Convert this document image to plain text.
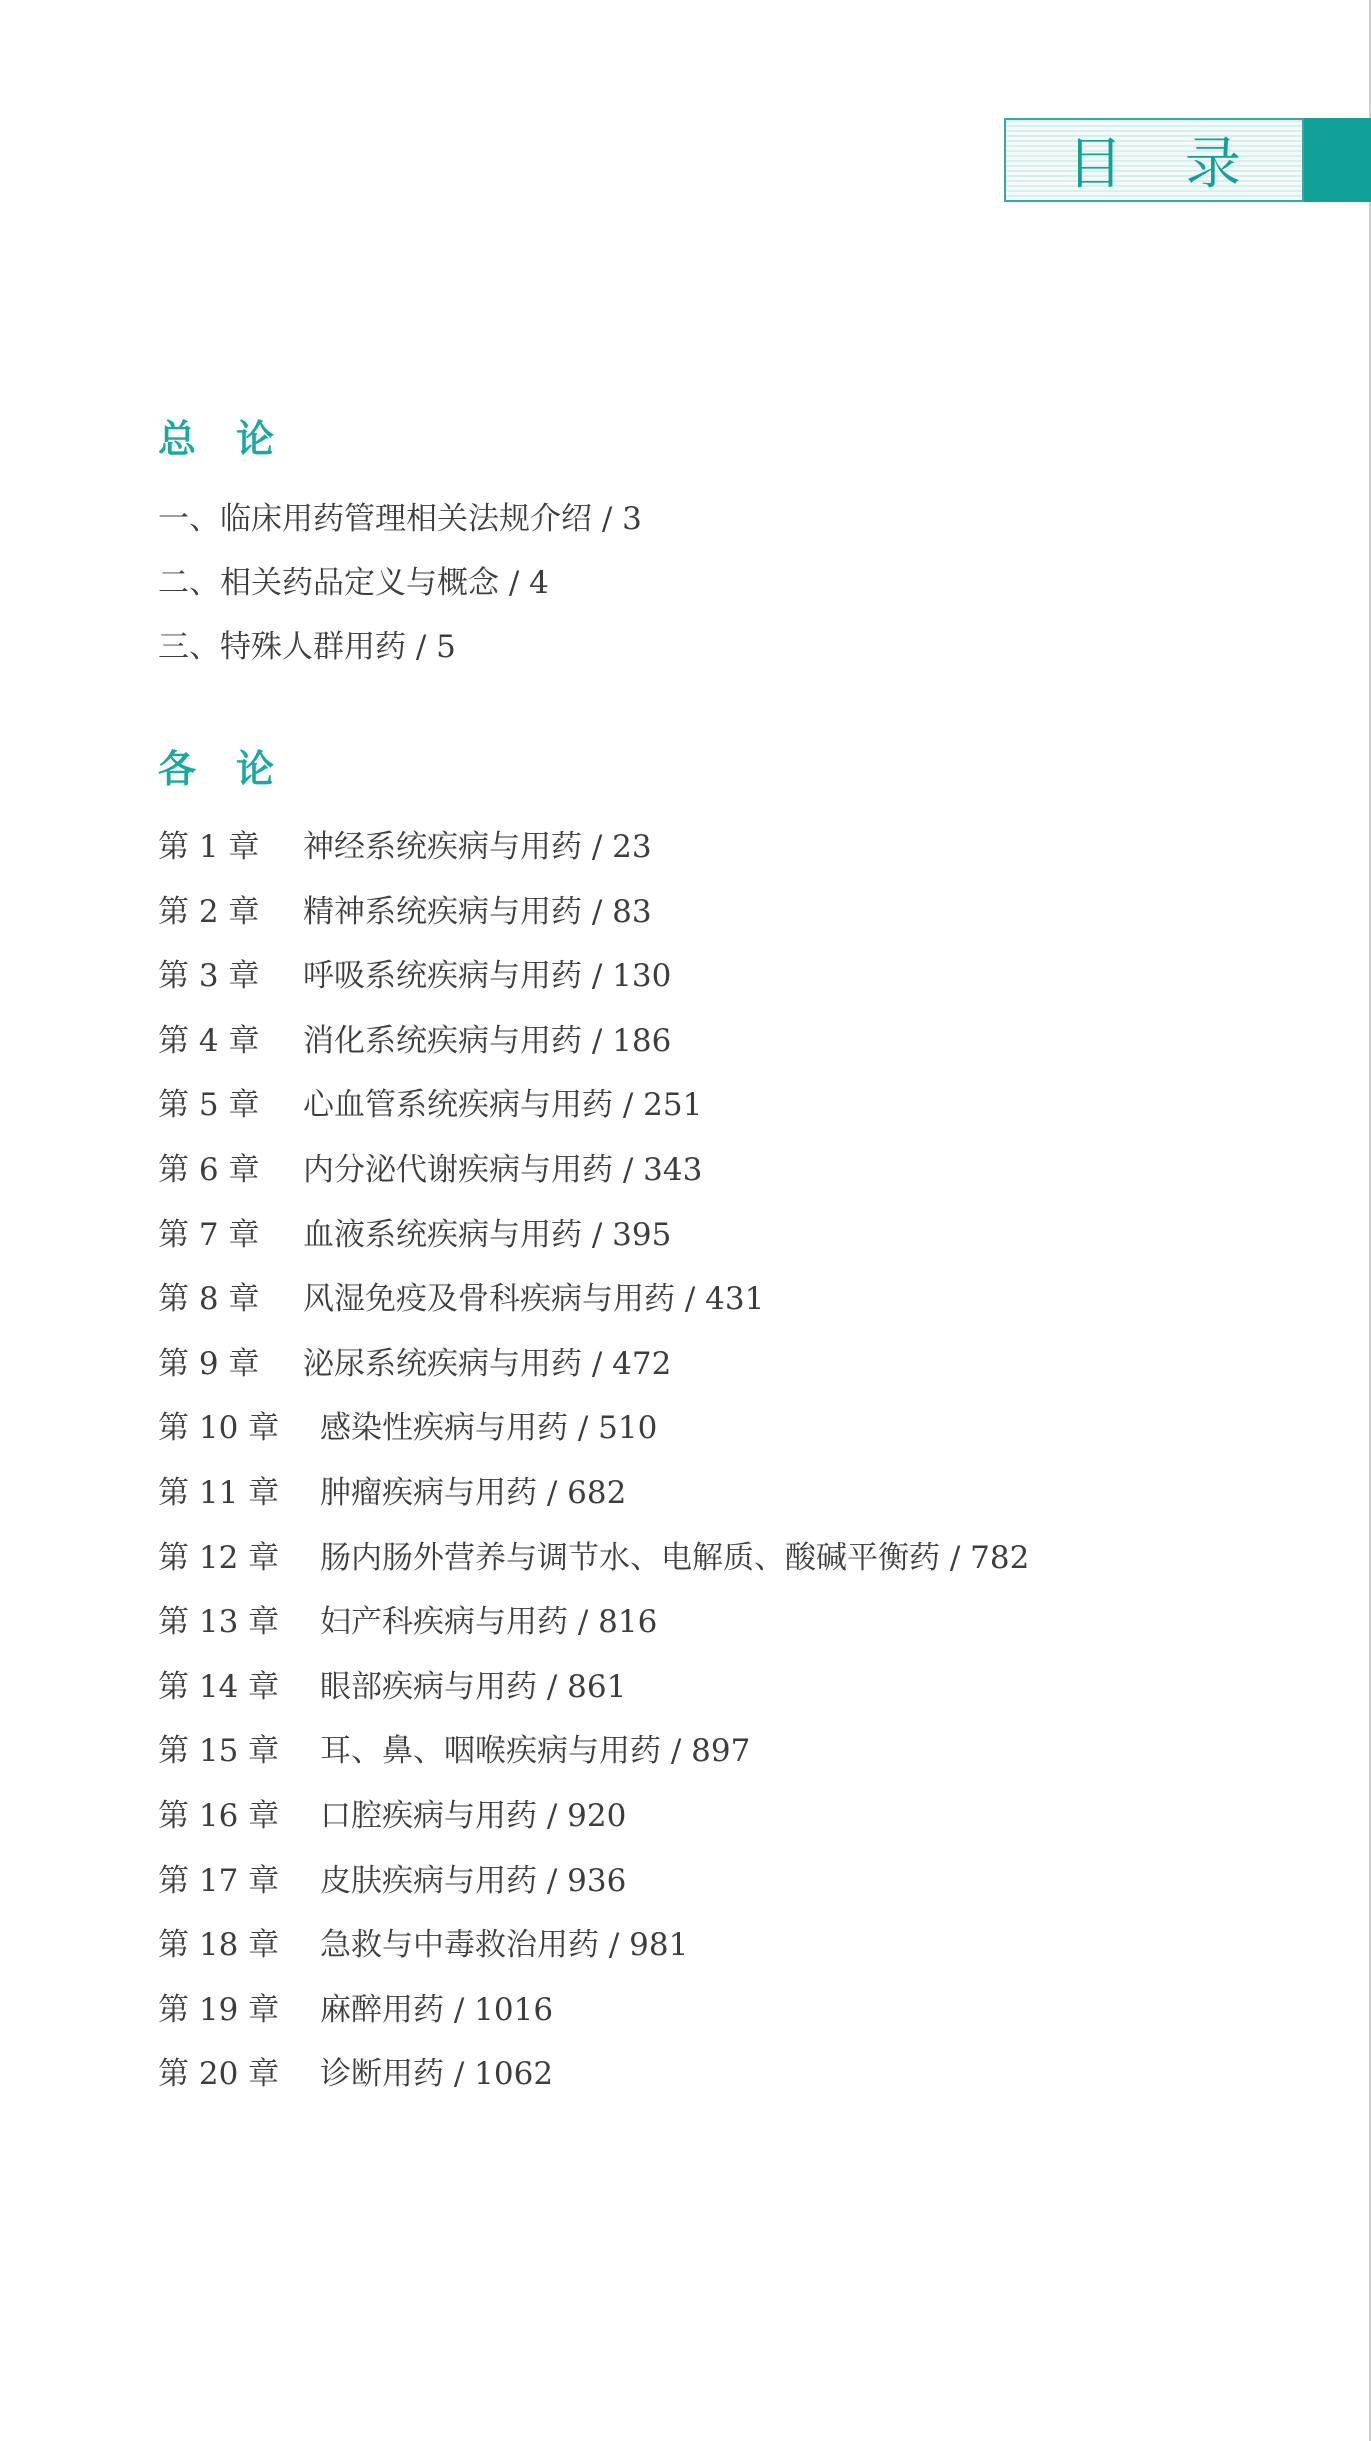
目 录
总 论
一、临床用药管理相关法规介绍 / 3
二、相关药品定义与概念 / 4
三、特殊人群用药 / 5
各 论
第 1 章	神经系统疾病与用药 / 23
第 2 章	精神系统疾病与用药 / 83
第 3 章	呼吸系统疾病与用药 / 130
第 4 章	消化系统疾病与用药 / 186
第 5 章	心血管系统疾病与用药 / 251
第 6 章	内分泌代谢疾病与用药 / 343
第 7 章	血液系统疾病与用药 / 395
第 8 章	风湿免疫及骨科疾病与用药 / 431
第 9 章	泌尿系统疾病与用药 / 472
第 10 章	感染性疾病与用药 / 510
第 11 章	肿瘤疾病与用药 / 682
第 12 章	肠内肠外营养与调节水、电解质、酸碱平衡药 / 782
第 13 章	妇产科疾病与用药 / 816
第 14 章	眼部疾病与用药 / 861
第 15 章	耳、鼻、咽喉疾病与用药 / 897
第 16 章	口腔疾病与用药 / 920
第 17 章	皮肤疾病与用药 / 936
第 18 章	急救与中毒救治用药 / 981
第 19 章	麻醉用药 / 1016
第 20 章	诊断用药 / 1062
